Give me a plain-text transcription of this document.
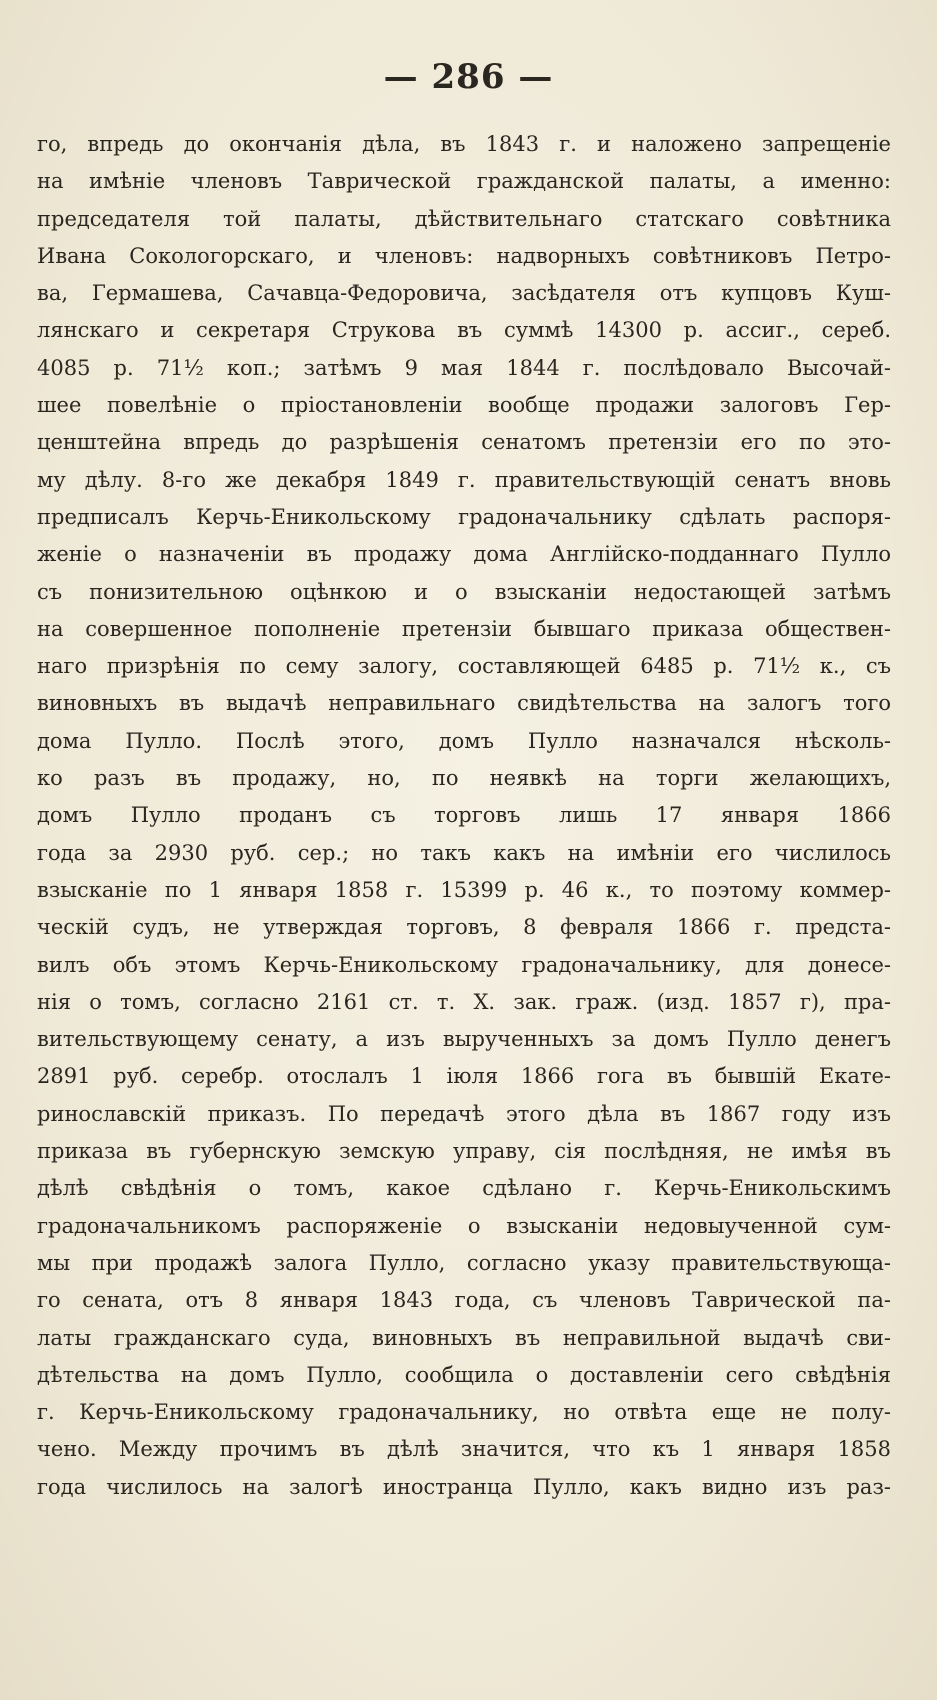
— 286 —
го, впредь до окончанія дѣла, въ 1843 г. и наложено запрещеніе
на имѣніе членовъ Таврической гражданской палаты, а именно:
председателя той палаты, дѣйствительнаго статскаго совѣтника
Ивана Сокологорскаго, и членовъ: надворныхъ совѣтниковъ Петро-
ва, Гермашева, Сачавца-Федоровича, засѣдателя отъ купцовъ Куш-
лянскаго и секретаря Струкова въ суммѣ 14300 р. ассиг., сереб.
4085 р. 71½ коп.; затѣмъ 9 мая 1844 г. послѣдовало Высочай-
шее повелѣніе о пріостановленіи вообще продажи залоговъ Гер-
ценштейна впредь до разрѣшенія сенатомъ претензіи его по это-
му дѣлу. 8-го же декабря 1849 г. правительствующій сенатъ вновь
предписалъ Керчь-Еникольскому градоначальнику сдѣлать распоря-
женіе о назначеніи въ продажу дома Англійско-подданнаго Пулло
съ понизительною оцѣнкою и о взысканіи недостающей затѣмъ
на совершенное пополненіе претензіи бывшаго приказа обществен-
наго призрѣнія по сему залогу, составляющей 6485 р. 71½ к., съ
виновныхъ въ выдачѣ неправильнаго свидѣтельства на залогъ того
дома Пулло. Послѣ этого, домъ Пулло назначался нѣсколь-
ко разъ въ продажу, но, по неявкѣ на торги желающихъ,
домъ Пулло проданъ съ торговъ лишь 17 января 1866
года за 2930 руб. сер.; но такъ какъ на имѣніи его числилось
взысканіе по 1 января 1858 г. 15399 р. 46 к., то поэтому коммер-
ческій судъ, не утверждая торговъ, 8 февраля 1866 г. предста-
вилъ объ этомъ Керчь-Еникольскому градоначальнику, для донесе-
нія о томъ, согласно 2161 ст. т. X. зак. граж. (изд. 1857 г), пра-
вительствующему сенату, а изъ вырученныхъ за домъ Пулло денегъ
2891 руб. серебр. отослалъ 1 іюля 1866 гога въ бывшій Екате-
ринославскій приказъ. По передачѣ этого дѣла въ 1867 году изъ
приказа въ губернскую земскую управу, сія послѣдняя, не имѣя въ
дѣлѣ свѣдѣнія о томъ, какое сдѣлано г. Керчь-Еникольскимъ
градоначальникомъ распоряженіе о взысканіи недовыученной сум-
мы при продажѣ залога Пулло, согласно указу правительствующа-
го сената, отъ 8 января 1843 года, съ членовъ Таврической па-
латы гражданскаго суда, виновныхъ въ неправильной выдачѣ сви-
дѣтельства на домъ Пулло, сообщила о доставленіи сего свѣдѣнія
г. Керчь-Еникольскому градоначальнику, но отвѣта еще не полу-
чено. Между прочимъ въ дѣлѣ значится, что къ 1 января 1858
года числилось на залогѣ иностранца Пулло, какъ видно изъ раз-
